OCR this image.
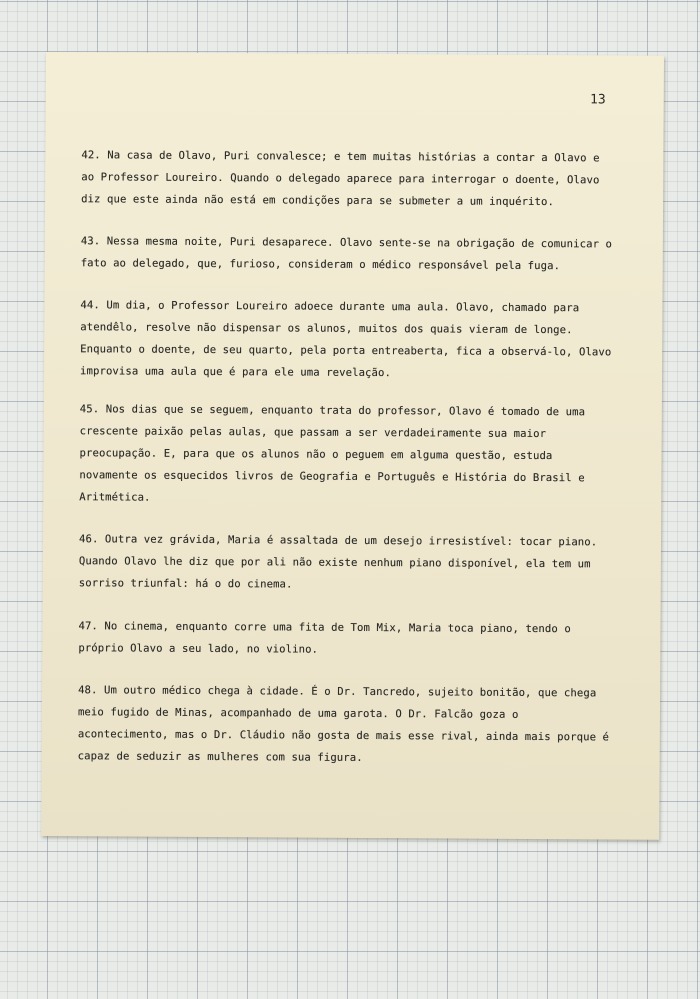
13

42. Na casa de Olavo, Puri convalesce; e tem muitas histórias a contar a Olavo e ao Professor Loureiro. Quando o delegado aparece para interrogar o doente, Olavo diz que este ainda não está em condições para se submeter a um inquérito.

43. Nessa mesma noite, Puri desaparece. Olavo sente-se na obrigação de comunicar o fato ao delegado, que, furioso, consideram o médico responsável pela fuga.

44. Um dia, o Professor Loureiro adoece durante uma aula. Olavo, chamado para atendêlo, resolve não dispensar os alunos, muitos dos quais vieram de longe. Enquanto o doente, de seu quarto, pela porta entreaberta, fica a observá-lo, Olavo improvisa uma aula que é para ele uma revelação.

45. Nos dias que se seguem, enquanto trata do professor, Olavo é tomado de uma crescente paixão pelas aulas, que passam a ser verdadeiramente sua maior preocupação. E, para que os alunos não o peguem em alguma questão, estuda novamente os esquecidos livros de Geografia e Português e História do Brasil e Aritmética.

46. Outra vez grávida, Maria é assaltada de um desejo irresistível: tocar piano. Quando Olavo lhe diz que por ali não existe nenhum piano disponível, ela tem um sorriso triunfal: há o do cinema.

47. No cinema, enquanto corre uma fita de Tom Mix, Maria toca piano, tendo o próprio Olavo a seu lado, no violino.

48. Um outro médico chega à cidade. É o Dr. Tancredo, sujeito bonitão, que chega meio fugido de Minas, acompanhado de uma garota. O Dr. Falcão goza o acontecimento, mas o Dr. Cláudio não gosta de mais esse rival, ainda mais porque é capaz de seduzir as mulheres com sua figura.
